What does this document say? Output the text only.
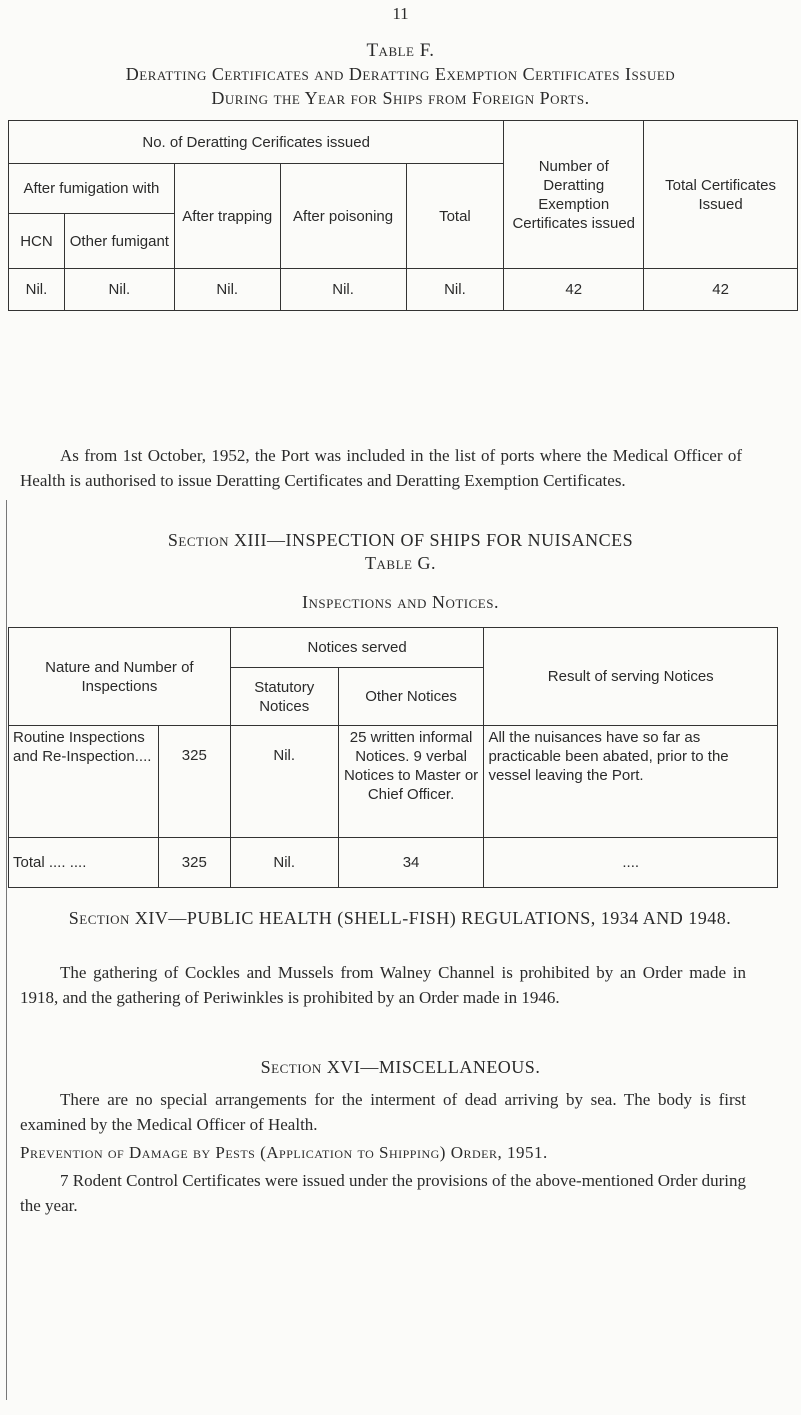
11
Table F.
Deratting Certificates and Deratting Exemption Certificates Issued
During the Year for Ships from Foreign Ports.
No. of Deratting Cerificates issued					Number of Deratting Exemption Certificates issued	Total Certificates Issued
After fumigation with		After trapping	After poisoning	Total		
HCN	Other fumigant					
Nil.	Nil.	Nil.	Nil.	Nil.	42	42

As from 1st October, 1952, the Port was included in the list of ports where the Medical Officer of Health is authorised to issue Deratting Certificates and Deratting Exemption Certificates.

Section XIII—INSPECTION OF SHIPS FOR NUISANCES
Table G.
Inspections and Notices.
Nature and Number of Inspections		Notices served		Result of serving Notices
		Statutory Notices	Other Notices	
Routine Inspections and Re-Inspection....	325	Nil.	25 written informal Notices. 9 verbal Notices to Master or Chief Officer.	All the nuisances have so far as practicable been abated, prior to the vessel leaving the Port.
Total .... ....	325	Nil.	34	....
Section XIV—PUBLIC HEALTH (SHELL-FISH) REGULATIONS, 1934 AND 1948.

The gathering of Cockles and Mussels from Walney Channel is prohibited by an Order made in 1918, and the gathering of Periwinkles is prohibited by an Order made in 1946.

Section XVI—MISCELLANEOUS.

There are no special arrangements for the interment of dead arriving by sea. The body is first examined by the Medical Officer of Health.

Prevention of Damage by Pests (Application to Shipping) Order, 1951.

7 Rodent Control Certificates were issued under the provisions of the above-mentioned Order during the year.
